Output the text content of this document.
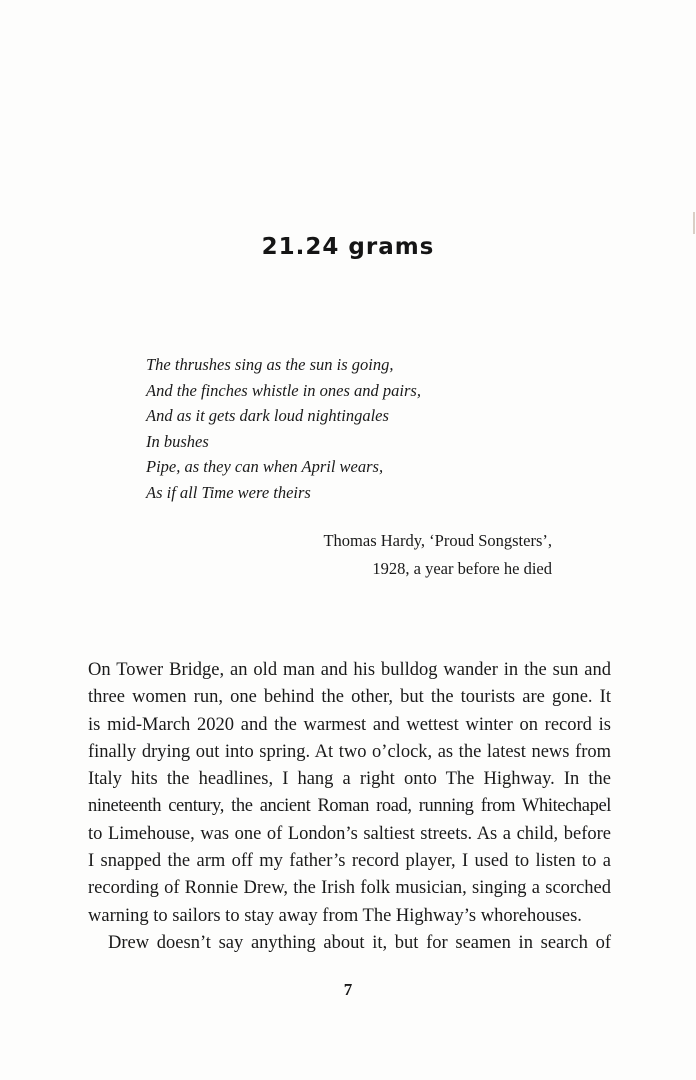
21.24 grams
The thrushes sing as the sun is going,
And the finches whistle in ones and pairs,
And as it gets dark loud nightingales
In bushes
Pipe, as they can when April wears,
As if all Time were theirs
Thomas Hardy, ‘Proud Songsters’,
1928, a year before he died
On Tower Bridge, an old man and his bulldog wander in the sun and
three women run, one behind the other, but the tourists are gone. It
is mid-March 2020 and the warmest and wettest winter on record is
finally drying out into spring. At two o’clock, as the latest news from
Italy hits the headlines, I hang a right onto The Highway. In the
nineteenth century, the ancient Roman road, running from Whitechapel
to Limehouse, was one of London’s saltiest streets. As a child, before
I snapped the arm off my father’s record player, I used to listen to a
recording of Ronnie Drew, the Irish folk musician, singing a scorched
warning to sailors to stay away from The Highway’s whorehouses.
Drew doesn’t say anything about it, but for seamen in search of
7
